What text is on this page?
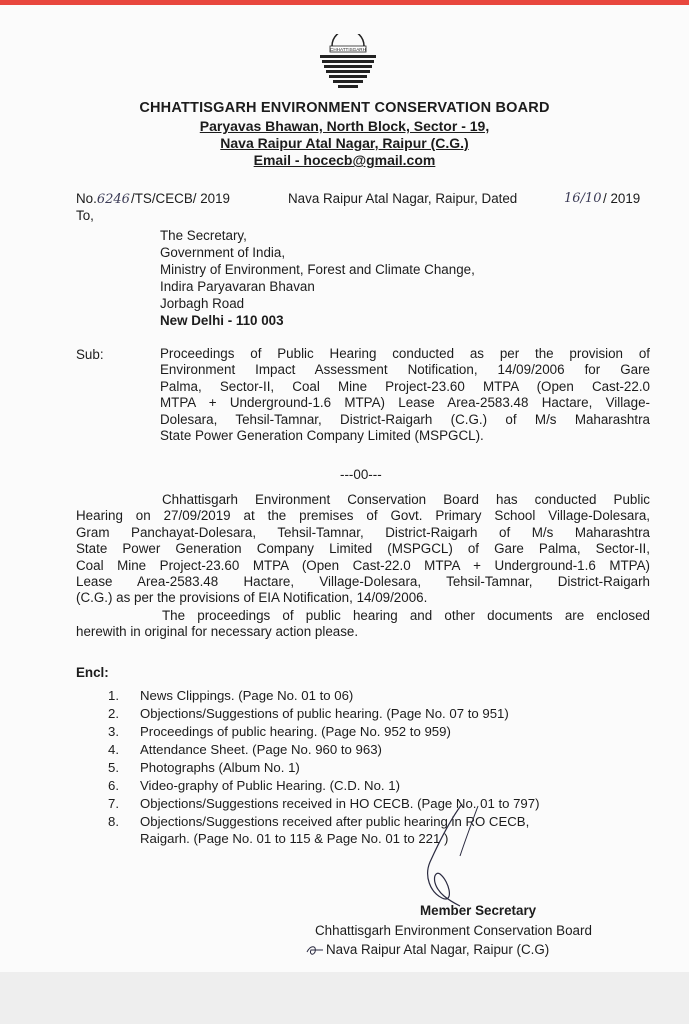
CHHATTISGARH
CHHATTISGARH ENVIRONMENT CONSERVATION BOARD
Paryavas Bhawan, North Block, Sector - 19,
Nava Raipur Atal Nagar, Raipur (C.G.)
Email - hocecb@gmail.com
No.6246 /TS/CECB/ 2019	Nava Raipur Atal Nagar, Raipur, Dated	16/10 / 2019
To,
The Secretary,
Government of India,
Ministry of Environment, Forest and Climate Change,
Indira Paryavaran Bhavan
Jorbagh Road
New Delhi - 110 003
Sub:	Proceedings of Public Hearing conducted as per the provision of
Environment Impact Assessment Notification, 14/09/2006 for Gare
Palma, Sector-II, Coal Mine Project-23.60 MTPA (Open Cast-22.0
MTPA + Underground-1.6 MTPA) Lease Area-2583.48 Hactare, Village-
Dolesara, Tehsil-Tamnar, District-Raigarh (C.G.) of M/s Maharashtra
State Power Generation Company Limited (MSPGCL).
---00---
Chhattisgarh Environment Conservation Board has conducted Public
Hearing on 27/09/2019 at the premises of Govt. Primary School Village-Dolesara,
Gram Panchayat-Dolesara, Tehsil-Tamnar, District-Raigarh of M/s Maharashtra
State Power Generation Company Limited (MSPGCL) of Gare Palma, Sector-II,
Coal Mine Project-23.60 MTPA (Open Cast-22.0 MTPA + Underground-1.6 MTPA)
Lease Area-2583.48 Hactare, Village-Dolesara, Tehsil-Tamnar, District-Raigarh
(C.G.) as per the provisions of EIA Notification, 14/09/2006.
The proceedings of public hearing and other documents are enclosed
herewith in original for necessary action please.
Encl:
1.	News Clippings. (Page No. 01 to 06)
2.	Objections/Suggestions of public hearing. (Page No. 07 to 951)
3.	Proceedings of public hearing. (Page No. 952 to 959)
4.	Attendance Sheet. (Page No. 960 to 963)
5.	Photographs (Album No. 1)
6.	Video-graphy of Public Hearing. (C.D. No. 1)
7.	Objections/Suggestions received in HO CECB. (Page No. 01 to 797)
8.	Objections/Suggestions received after public hearing in RO CECB,
Raigarh. (Page No. 01 to 115 & Page No. 01 to 221 )
Member Secretary
Chhattisgarh Environment Conservation Board
Nava Raipur Atal Nagar, Raipur (C.G)
